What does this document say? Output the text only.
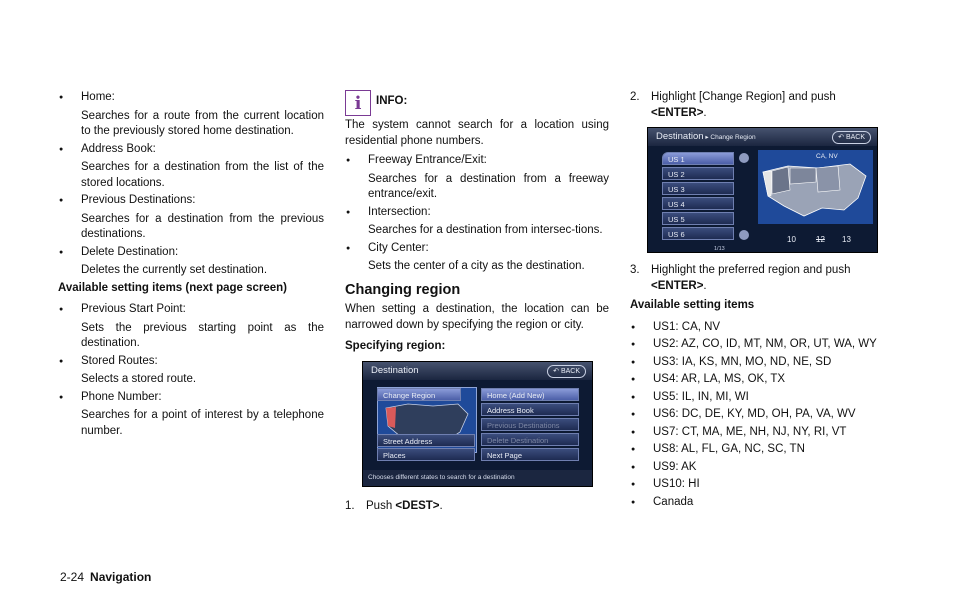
● Home:
Searches for a route from the current location to the previously stored home destination.
● Address Book:
Searches for a destination from the list of the stored locations.
● Previous Destinations:
Searches for a destination from the previous destinations.
● Delete Destination:
Deletes the currently set destination.
Available setting items (next page screen)
● Previous Start Point:
Sets the previous starting point as the destination.
● Stored Routes:
Selects a stored route.
● Phone Number:
Searches for a point of interest by a telephone number.
i	INFO:
The system cannot search for a location using residential phone numbers.
● Freeway Entrance/Exit:
Searches for a destination from a freeway entrance/exit.
● Intersection:
Searches for a destination from intersec-tions.
● City Center:
Sets the center of a city as the destination.
Changing region
When setting a destination, the location can be narrowed down by specifying the region or city.
Specifying region:
Destination	↶ BACK
Change Region
Street Address
Places
Home (Add New)
Address Book
Previous Destinations
Delete Destination
Next Page
Chooses different states to search for a destination
1. Push <DEST>.
2. Highlight [Change Region] and push
<ENTER>.
Destination ▸ Change Region	↶ BACK
US 1
US 2
US 3
US 4
US 5
US 6
1/13
CA, NV
10	12 13
3. Highlight the preferred region and push
<ENTER>.
Available setting items
● US1: CA, NV
● US2: AZ, CO, ID, MT, NM, OR, UT, WA, WY
● US3: IA, KS, MN, MO, ND, NE, SD
● US4: AR, LA, MS, OK, TX
● US5: IL, IN, MI, WI
● US6: DC, DE, KY, MD, OH, PA, VA, WV
● US7: CT, MA, ME, NH, NJ, NY, RI, VT
● US8: AL, FL, GA, NC, SC, TN
● US9: AK
● US10: HI
● Canada
2-24 Navigation
